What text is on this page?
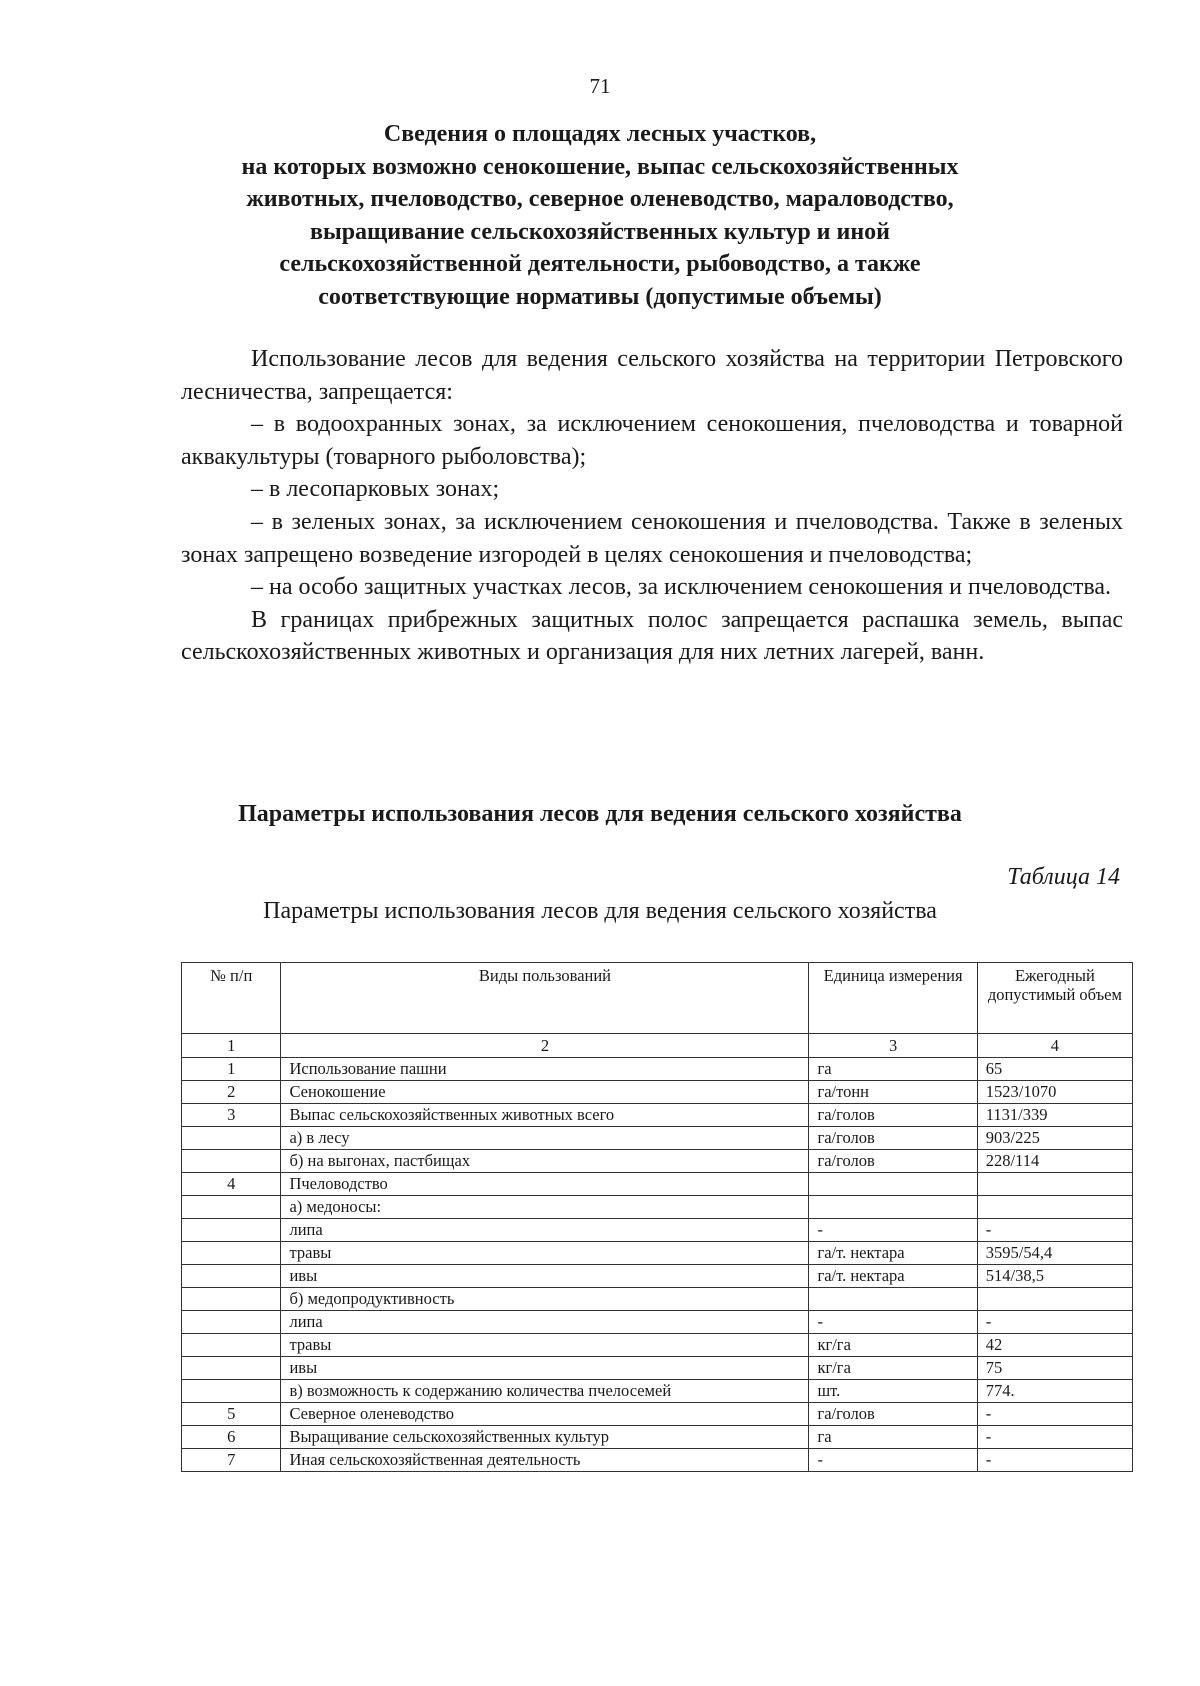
71
Сведения о площадях лесных участков,
на которых возможно сенокошение, выпас сельскохозяйственных
животных, пчеловодство, северное оленеводство, мараловодство,
выращивание сельскохозяйственных культур и иной
сельскохозяйственной деятельности, рыбоводство, а также
соответствующие нормативы (допустимые объемы)

Использование лесов для ведения сельского хозяйства на территории Петровского лесничества, запрещается:

– в водоохранных зонах, за исключением сенокошения, пчеловодства и товарной аквакультуры (товарного рыболовства);

– в лесопарковых зонах;

– в зеленых зонах, за исключением сенокошения и пчеловодства. Также в зеленых зонах запрещено возведение изгородей в целях сенокошения и пчеловодства;

– на особо защитных участках лесов, за исключением сенокошения и пчеловодства.

В границах прибрежных защитных полос запрещается распашка земель, выпас сельскохозяйственных животных и организация для них летних лагерей, ванн.

Параметры использования лесов для ведения сельского хозяйства
Таблица 14
Параметры использования лесов для ведения сельского хозяйства
№ п/п	Виды пользований	Единица измерения	Ежегодный допустимый объем
1	2	3	4
1	Использование пашни	га	65
2	Сенокошение	га/тонн	1523/1070
3	Выпас сельскохозяйственных животных всего	га/голов	1131/339
	а) в лесу	га/голов	903/225
	б) на выгонах, пастбищах	га/голов	228/114
4	Пчеловодство		
	а) медоносы:		
	липа	-	-
	травы	га/т. нектара	3595/54,4
	ивы	га/т. нектара	514/38,5
	б) медопродуктивность		
	липа	-	-
	травы	кг/га	42
	ивы	кг/га	75
	в) возможность к содержанию количества пчелосемей	шт.	774.
5	Северное оленеводство	га/голов	-
6	Выращивание сельскохозяйственных культур	га	-
7	Иная сельскохозяйственная деятельность	-	-
